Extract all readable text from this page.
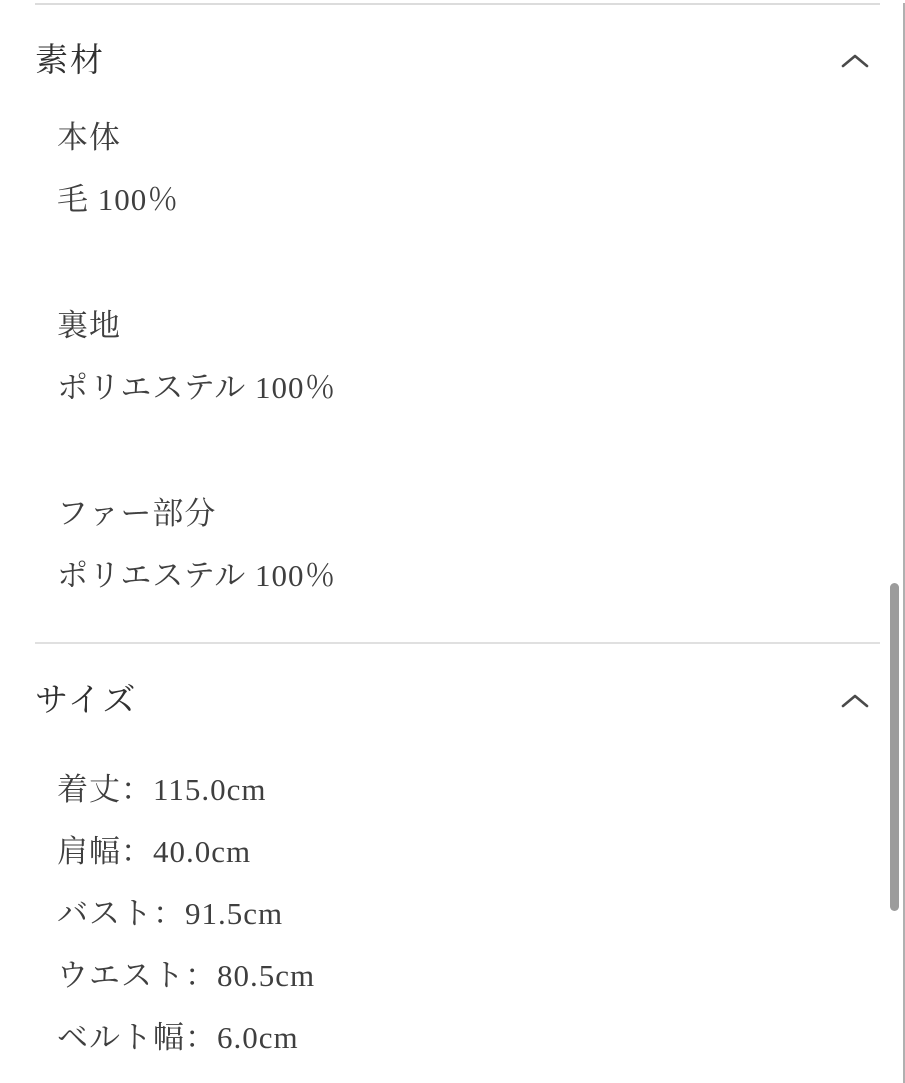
素材

本体

毛 100％

裏地

ポリエステル 100％

ファー部分

ポリエステル 100％

サイズ

着丈：115.0cm

肩幅：40.0cm

バスト：91.5cm

ウエスト：80.5cm

ベルト幅：6.0cm
